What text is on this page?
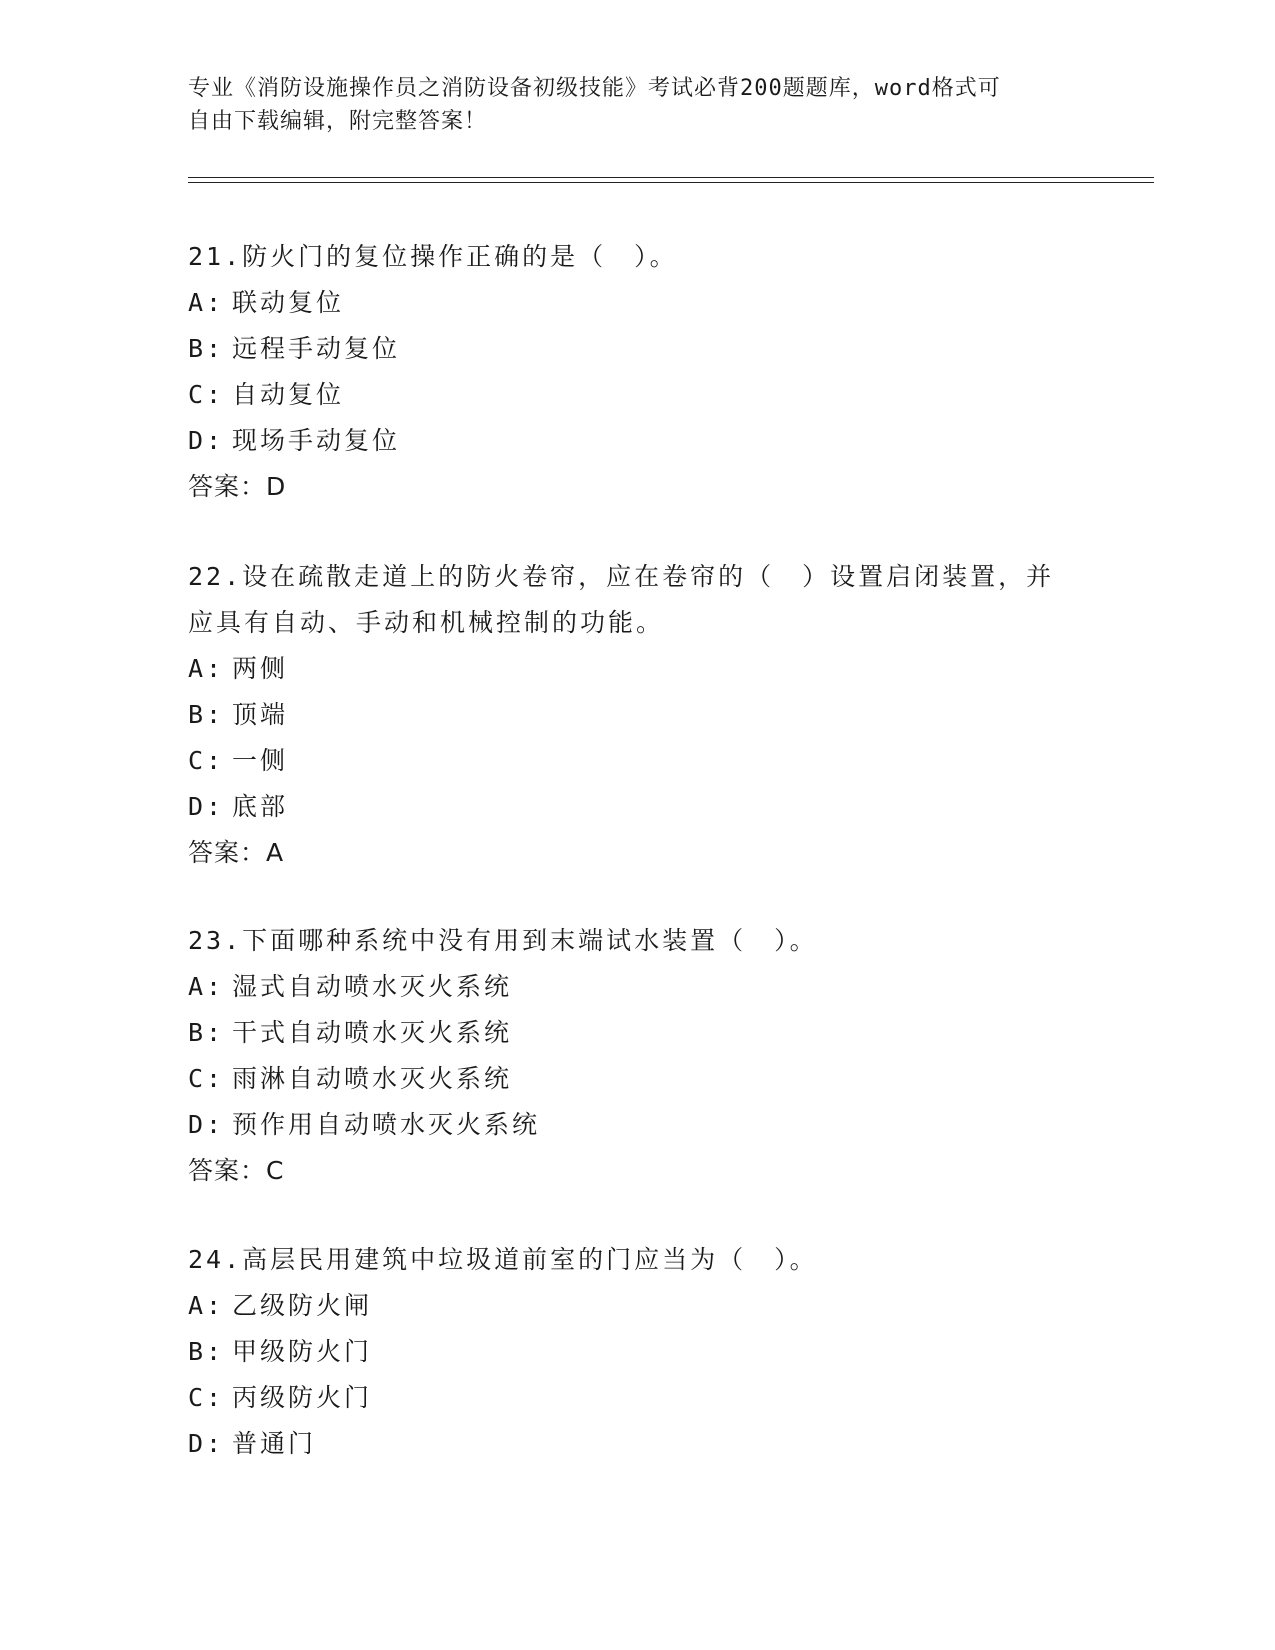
专业《消防设施操作员之消防设备初级技能》考试必背200题题库，word格式可
自由下载编辑，附完整答案！

21.防火门的复位操作正确的是（　）。

A: 联动复位

B: 远程手动复位

C: 自动复位

D: 现场手动复位

答案：D

22.设在疏散走道上的防火卷帘，应在卷帘的（　）设置启闭装置，并

应具有自动、手动和机械控制的功能。

A: 两侧

B: 顶端

C: 一侧

D: 底部

答案：A

23.下面哪种系统中没有用到末端试水装置（　）。

A: 湿式自动喷水灭火系统

B: 干式自动喷水灭火系统

C: 雨淋自动喷水灭火系统

D: 预作用自动喷水灭火系统

答案：C

24.高层民用建筑中垃圾道前室的门应当为（　）。

A: 乙级防火闸

B: 甲级防火门

C: 丙级防火门

D: 普通门
